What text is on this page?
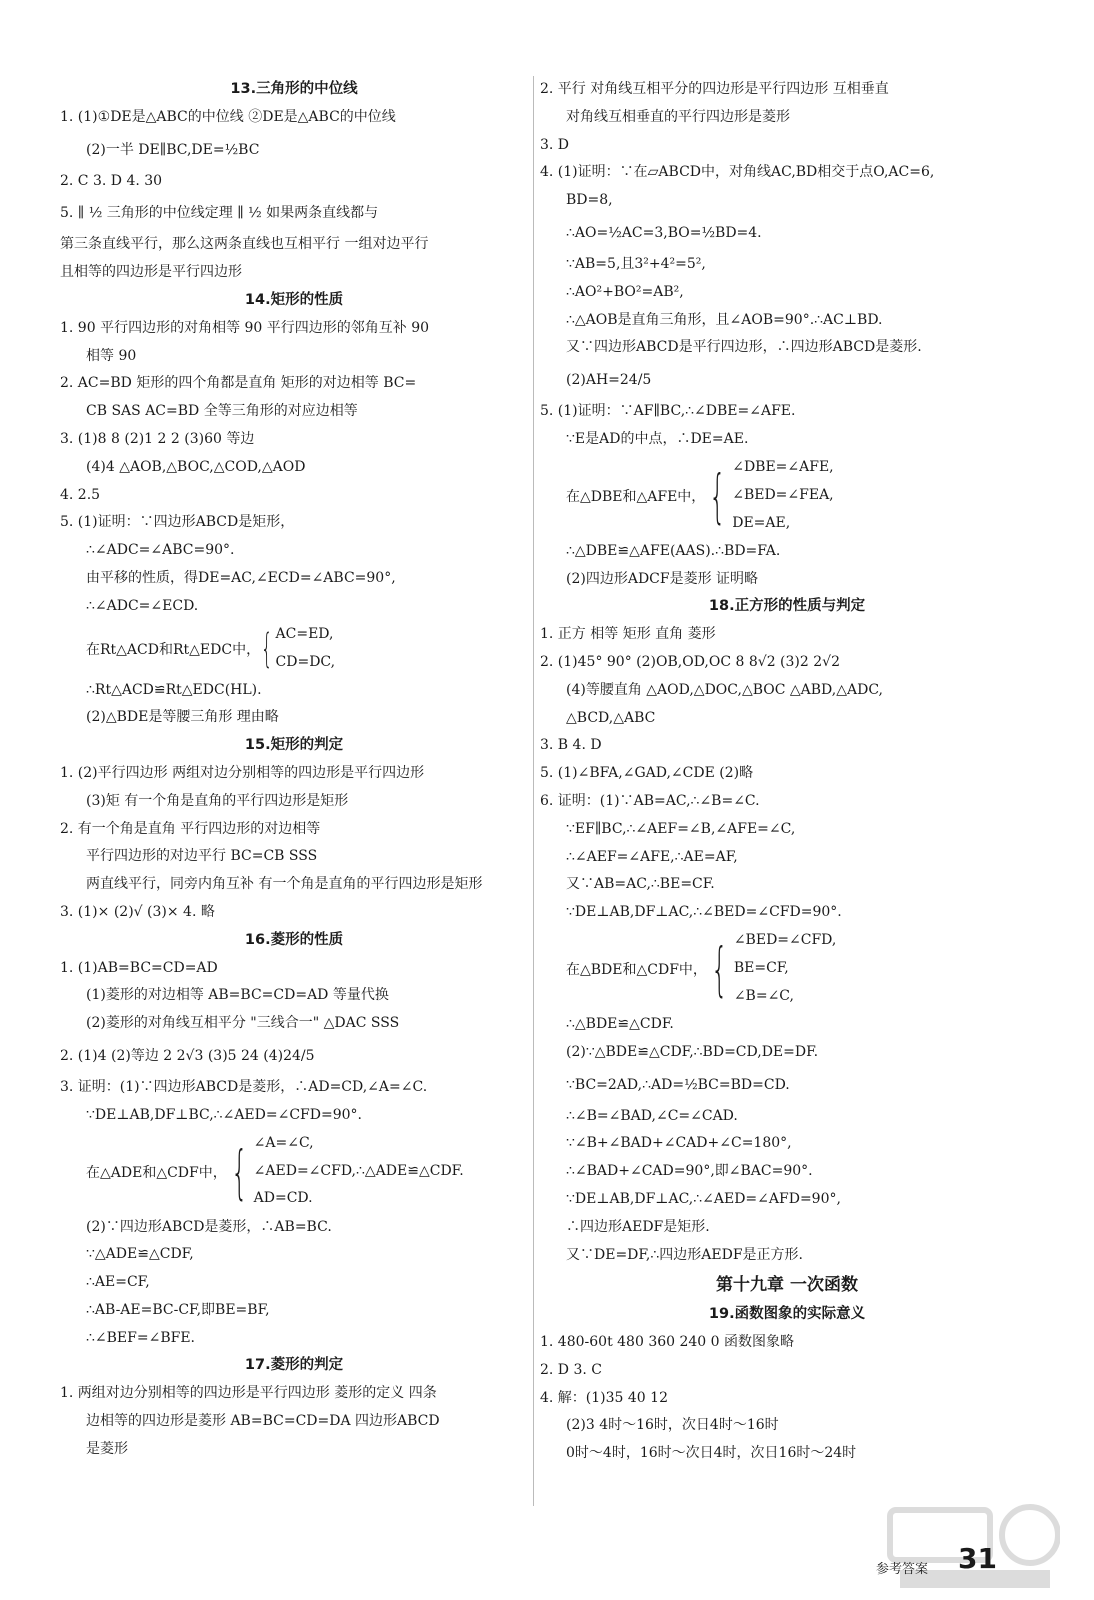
13.三角形的中位线
1. (1)①DE是△ABC的中位线 ②DE是△ABC的中位线
(2)一半 DE∥BC,DE=½BC
2. C 3. D 4. 30
5. ∥ ½ 三角形的中位线定理 ∥ ½ 如果两条直线都与
第三条直线平行，那么这两条直线也互相平行 一组对边平行
且相等的四边形是平行四边形
14.矩形的性质
1. 90 平行四边形的对角相等 90 平行四边形的邻角互补 90
相等 90
2. AC=BD 矩形的四个角都是直角 矩形的对边相等 BC=
CB SAS AC=BD 全等三角形的对应边相等
3. (1)8 8 (2)1 2 2 (3)60 等边
(4)4 △AOB,△BOC,△COD,△AOD
4. 2.5
5. (1)证明：∵四边形ABCD是矩形，
∴∠ADC=∠ABC=90°.
由平移的性质，得DE=AC,∠ECD=∠ABC=90°,
∴∠ADC=∠ECD.
在Rt△ACD和Rt△EDC中， { AC=ED,
CD=DC,
∴Rt△ACD≌Rt△EDC(HL).
(2)△BDE是等腰三角形 理由略
15.矩形的判定
1. (2)平行四边形 两组对边分别相等的四边形是平行四边形
(3)矩 有一个角是直角的平行四边形是矩形
2. 有一个角是直角 平行四边形的对边相等
平行四边形的对边平行 BC=CB SSS
两直线平行，同旁内角互补 有一个角是直角的平行四边形是矩形
3. (1)× (2)√ (3)× 4. 略
16.菱形的性质
1. (1)AB=BC=CD=AD
(1)菱形的对边相等 AB=BC=CD=AD 等量代换
(2)菱形的对角线互相平分 "三线合一" △DAC SSS
2. (1)4 (2)等边 2 2√3 (3)5 24 (4)24/5
3. 证明：(1)∵四边形ABCD是菱形，∴AD=CD,∠A=∠C.
∵DE⊥AB,DF⊥BC,∴∠AED=∠CFD=90°.
在△ADE和△CDF中， { ∠A=∠C,
∠AED=∠CFD,∴△ADE≌△CDF.
AD=CD.
(2)∵四边形ABCD是菱形，∴AB=BC.
∵△ADE≌△CDF,
∴AE=CF,
∴AB-AE=BC-CF,即BE=BF,
∴∠BEF=∠BFE.
17.菱形的判定
1. 两组对边分别相等的四边形是平行四边形 菱形的定义 四条
边相等的四边形是菱形 AB=BC=CD=DA 四边形ABCD
是菱形
2. 平行 对角线互相平分的四边形是平行四边形 互相垂直
对角线互相垂直的平行四边形是菱形
3. D
4. (1)证明：∵在▱ABCD中，对角线AC,BD相交于点O,AC=6,
BD=8,
∴AO=½AC=3,BO=½BD=4.
∵AB=5,且3²+4²=5²,
∴AO²+BO²=AB²,
∴△AOB是直角三角形，且∠AOB=90°.∴AC⊥BD.
又∵四边形ABCD是平行四边形，∴四边形ABCD是菱形.
(2)AH=24/5
5. (1)证明：∵AF∥BC,∴∠DBE=∠AFE.
∵E是AD的中点，∴DE=AE.
在△DBE和△AFE中， { ∠DBE=∠AFE,
∠BED=∠FEA,
DE=AE,
∴△DBE≌△AFE(AAS).∴BD=FA.
(2)四边形ADCF是菱形 证明略
18.正方形的性质与判定
1. 正方 相等 矩形 直角 菱形
2. (1)45° 90° (2)OB,OD,OC 8 8√2 (3)2 2√2
(4)等腰直角 △AOD,△DOC,△BOC △ABD,△ADC,
△BCD,△ABC
3. B 4. D
5. (1)∠BFA,∠GAD,∠CDE (2)略
6. 证明：(1)∵AB=AC,∴∠B=∠C.
∵EF∥BC,∴∠AEF=∠B,∠AFE=∠C,
∴∠AEF=∠AFE,∴AE=AF,
又∵AB=AC,∴BE=CF.
∵DE⊥AB,DF⊥AC,∴∠BED=∠CFD=90°.
在△BDE和△CDF中， { ∠BED=∠CFD,
BE=CF,
∠B=∠C,
∴△BDE≌△CDF.
(2)∵△BDE≌△CDF,∴BD=CD,DE=DF.
∵BC=2AD,∴AD=½BC=BD=CD.
∴∠B=∠BAD,∠C=∠CAD.
∵∠B+∠BAD+∠CAD+∠C=180°,
∴∠BAD+∠CAD=90°,即∠BAC=90°.
∵DE⊥AB,DF⊥AC,∴∠AED=∠AFD=90°,
∴四边形AEDF是矩形.
又∵DE=DF,∴四边形AEDF是正方形.
第十九章 一次函数
19.函数图象的实际意义
1. 480-60t 480 360 240 0 函数图象略
2. D 3. C
4. 解：(1)35 40 12
(2)3 4时～16时，次日4时～16时
0时～4时，16时～次日4时，次日16时～24时
参考答案 31
